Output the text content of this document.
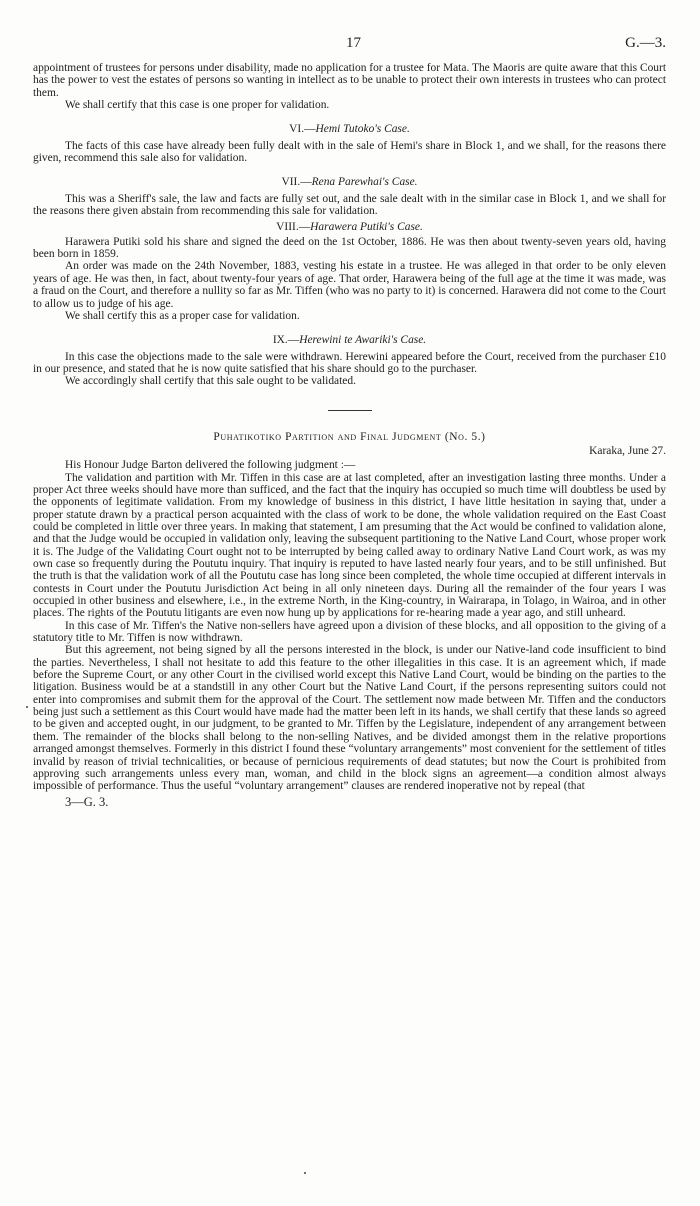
17	G.—3.

appointment of trustees for persons under disability, made no application for a trustee for Mata. The Maoris are quite aware that this Court has the power to vest the estates of persons so wanting in intellect as to be unable to protect their own interests in trustees who can protect them.

We shall certify that this case is one proper for validation.

VI.—Hemi Tutoko's Case.

The facts of this case have already been fully dealt with in the sale of Hemi's share in Block 1, and we shall, for the reasons there given, recommend this sale also for validation.

VII.—Rena Parewhai's Case.

This was a Sheriff's sale, the law and facts are fully set out, and the sale dealt with in the similar case in Block 1, and we shall for the reasons there given abstain from recommending this sale for validation.

VIII.—Harawera Putiki's Case.

Harawera Putiki sold his share and signed the deed on the 1st October, 1886. He was then about twenty-seven years old, having been born in 1859.

An order was made on the 24th November, 1883, vesting his estate in a trustee. He was alleged in that order to be only eleven years of age. He was then, in fact, about twenty-four years of age. That order, Harawera being of the full age at the time it was made, was a fraud on the Court, and therefore a nullity so far as Mr. Tiffen (who was no party to it) is concerned. Harawera did not come to the Court to allow us to judge of his age.

We shall certify this as a proper case for validation.

IX.—Herewini te Awariki's Case.

In this case the objections made to the sale were withdrawn. Herewini appeared before the Court, received from the purchaser £10 in our presence, and stated that he is now quite satisfied that his share should go to the purchaser.

We accordingly shall certify that this sale ought to be validated.

Puhatikotiko Partition and Final Judgment (No. 5.)
Karaka, June 27.

His Honour Judge Barton delivered the following judgment :—

The validation and partition with Mr. Tiffen in this case are at last completed, after an investigation lasting three months. Under a proper Act three weeks should have more than sufficed, and the fact that the inquiry has occupied so much time will doubtless be used by the opponents of legitimate validation. From my knowledge of business in this district, I have little hesitation in saying that, under a proper statute drawn by a practical person acquainted with the class of work to be done, the whole validation required on the East Coast could be completed in little over three years. In making that statement, I am presuming that the Act would be confined to validation alone, and that the Judge would be occupied in validation only, leaving the subsequent partitioning to the Native Land Court, whose proper work it is. The Judge of the Validating Court ought not to be interrupted by being called away to ordinary Native Land Court work, as was my own case so frequently during the Poututu inquiry. That inquiry is reputed to have lasted nearly four years, and to be still unfinished. But the truth is that the validation work of all the Poututu case has long since been completed, the whole time occupied at different intervals in contests in Court under the Poututu Jurisdiction Act being in all only nineteen days. During all the remainder of the four years I was occupied in other business and elsewhere, i.e., in the extreme North, in the King-country, in Wairarapa, in Tolago, in Wairoa, and in other places. The rights of the Poututu litigants are even now hung up by applications for re-hearing made a year ago, and still unheard.

In this case of Mr. Tiffen's the Native non-sellers have agreed upon a division of these blocks, and all opposition to the giving of a statutory title to Mr. Tiffen is now withdrawn.

But this agreement, not being signed by all the persons interested in the block, is under our Native-land code insufficient to bind the parties. Nevertheless, I shall not hesitate to add this feature to the other illegalities in this case. It is an agreement which, if made before the Supreme Court, or any other Court in the civilised world except this Native Land Court, would be binding on the parties to the litigation. Business would be at a standstill in any other Court but the Native Land Court, if the persons representing suitors could not enter into compromises and submit them for the approval of the Court. The settlement now made between Mr. Tiffen and the conductors being just such a settlement as this Court would have made had the matter been left in its hands, we shall certify that these lands so agreed to be given and accepted ought, in our judgment, to be granted to Mr. Tiffen by the Legislature, independent of any arrangement between them. The remainder of the blocks shall belong to the non-selling Natives, and be divided amongst them in the relative proportions arranged amongst themselves. Formerly in this district I found these “voluntary arrangements” most convenient for the settlement of titles invalid by reason of trivial technicalities, or because of pernicious requirements of dead statutes; but now the Court is prohibited from approving such arrangements unless every man, woman, and child in the block signs an agreement—a condition almost always impossible of performance. Thus the useful “voluntary arrangement” clauses are rendered inoperative not by repeal (that

3—G. 3.
